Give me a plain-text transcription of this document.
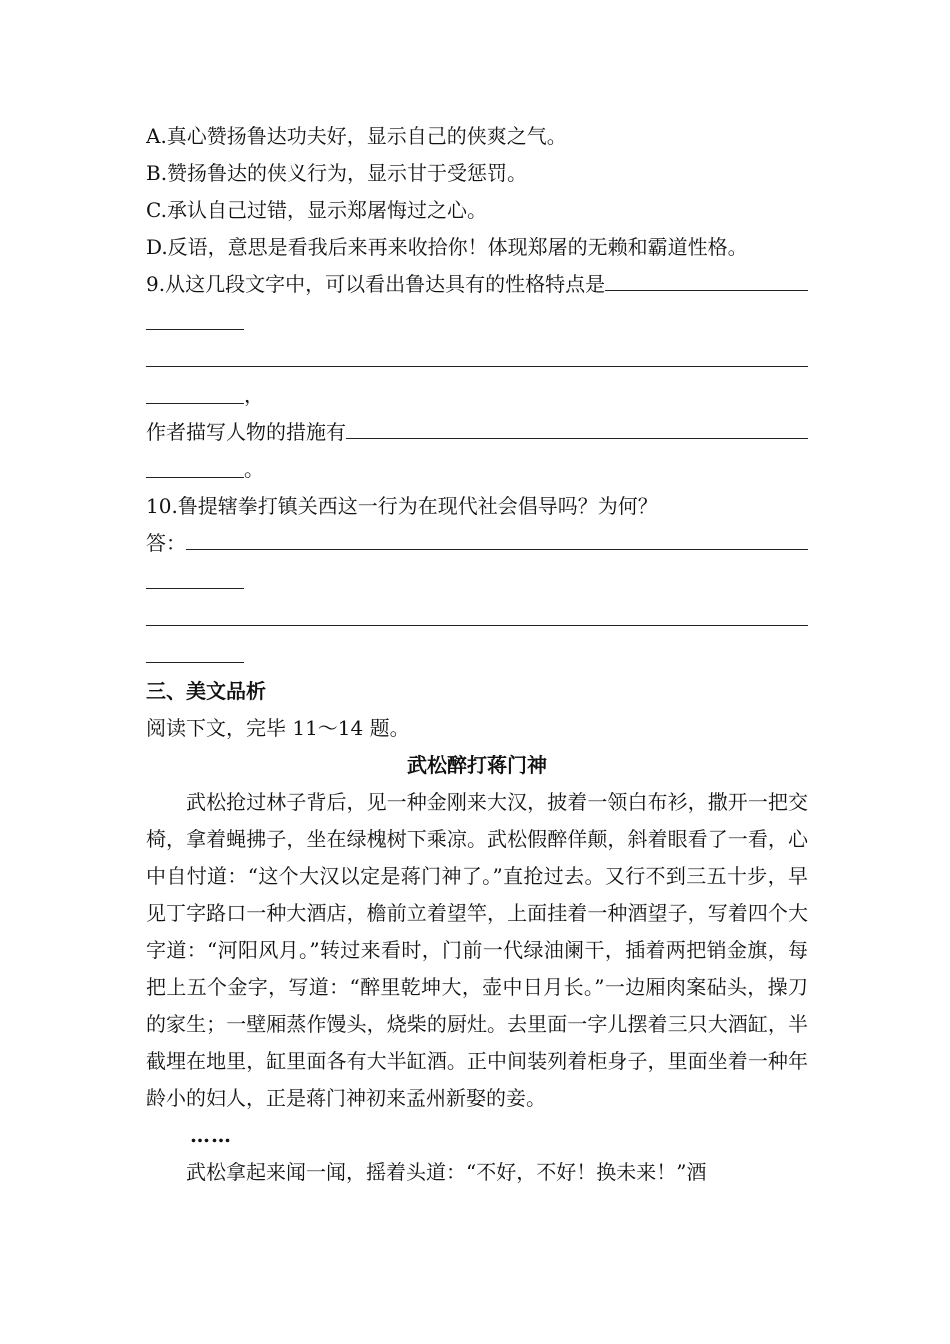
A.真心赞扬鲁达功夫好，显示自己的侠爽之气。
B.赞扬鲁达的侠义行为，显示甘于受惩罚。
C.承认自己过错，显示郑屠悔过之心。
D.反语，意思是看我后来再来收拾你！体现郑屠的无赖和霸道性格。
9.从这几段文字中，可以看出鲁达具有的性格特点是
，
作者描写人物的措施有
。
10.鲁提辖拳打镇关西这一行为在现代社会倡导吗？为何？
答：
三、美文品析
阅读下文，完毕 11～14 题。
武松醉打蒋门神

武松抢过林子背后，见一种金刚来大汉，披着一领白布衫，撒开一把交椅，拿着蝇拂子，坐在绿槐树下乘凉。武松假醉佯颠，斜着眼看了一看，心中自忖道：“这个大汉以定是蒋门神了。”直抢过去。又行不到三五十步，早见丁字路口一种大酒店，檐前立着望竿，上面挂着一种酒望子，写着四个大字道：“河阳风月。”转过来看时，门前一代绿油阑干，插着两把销金旗，每把上五个金字，写道：“醉里乾坤大，壶中日月长。”一边厢肉案砧头，操刀的家生；一壁厢蒸作馒头，烧柴的厨灶。去里面一字儿摆着三只大酒缸，半截埋在地里，缸里面各有大半缸酒。正中间装列着柜身子，里面坐着一种年龄小的妇人，正是蒋门神初来孟州新娶的妾。

……

武松拿起来闻一闻，摇着头道：“不好，不好！换未来！”酒
